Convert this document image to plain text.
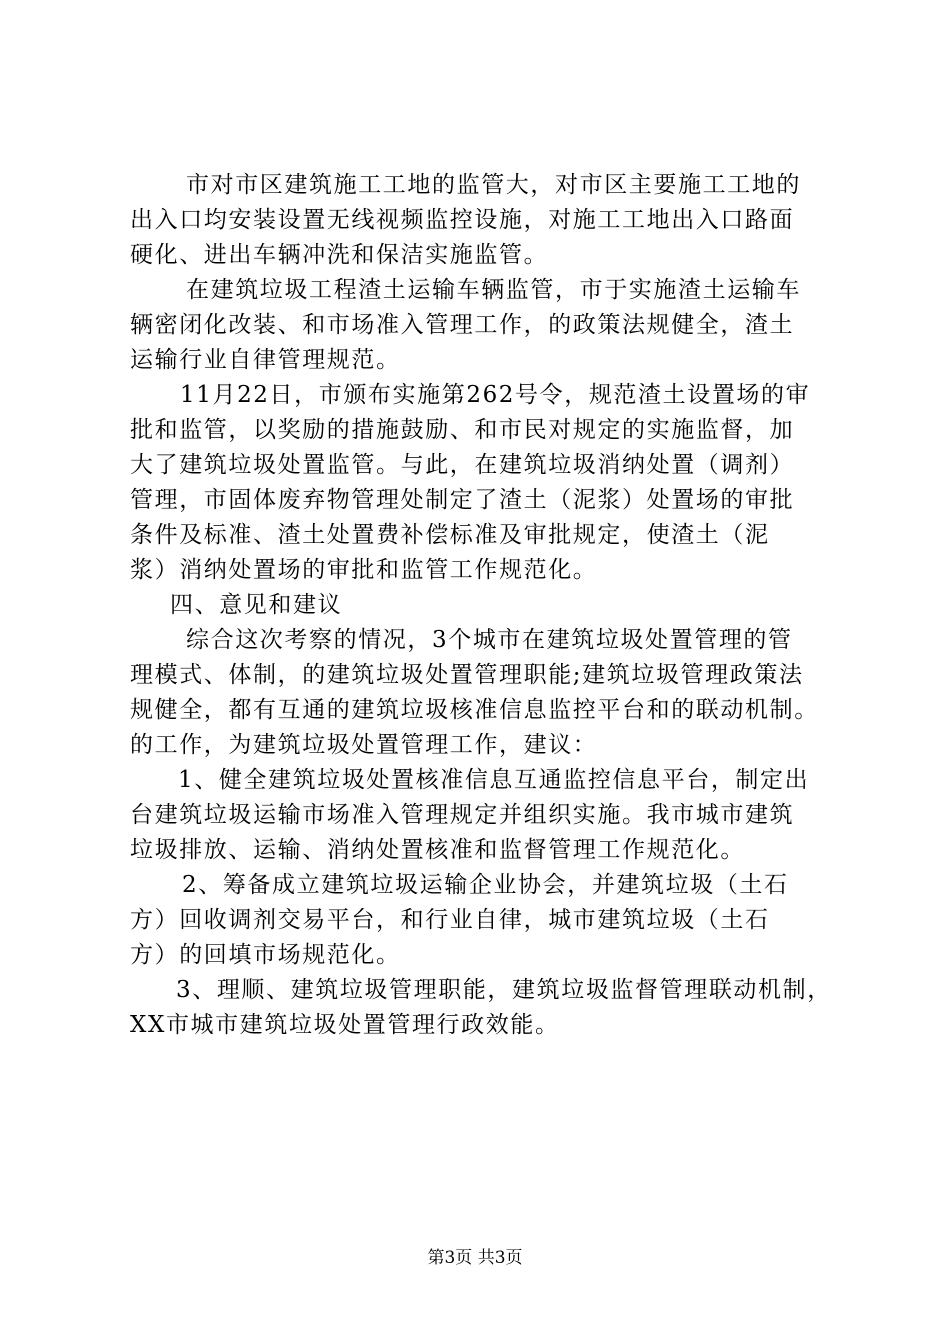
市对市区建筑施工工地的监管大，对市区主要施工工地的
出入口均安装设置无线视频监控设施，对施工工地出入口路面
硬化、进出车辆冲洗和保洁实施监管。
在建筑垃圾工程渣土运输车辆监管，市于实施渣土运输车
辆密闭化改装、和市场准入管理工作，的政策法规健全，渣土
运输行业自律管理规范。
11月22日，市颁布实施第262号令，规范渣土设置场的审
批和监管，以奖励的措施鼓励、和市民对规定的实施监督，加
大了建筑垃圾处置监管。与此，在建筑垃圾消纳处置（调剂）
管理，市固体废弃物管理处制定了渣土（泥浆）处置场的审批
条件及标准、渣土处置费补偿标准及审批规定，使渣土（泥
浆）消纳处置场的审批和监管工作规范化。
四、意见和建议
综合这次考察的情况，3个城市在建筑垃圾处置管理的管
理模式、体制，的建筑垃圾处置管理职能;建筑垃圾管理政策法
规健全，都有互通的建筑垃圾核准信息监控平台和的联动机制。
的工作，为建筑垃圾处置管理工作，建议：
1、健全建筑垃圾处置核准信息互通监控信息平台，制定出
台建筑垃圾运输市场准入管理规定并组织实施。我市城市建筑
垃圾排放、运输、消纳处置核准和监督管理工作规范化。
2、筹备成立建筑垃圾运输企业协会，并建筑垃圾（土石
方）回收调剂交易平台，和行业自律，城市建筑垃圾（土石
方）的回填市场规范化。
3、理顺、建筑垃圾管理职能，建筑垃圾监督管理联动机制，
XX市城市建筑垃圾处置管理行政效能。
第3页 共3页
